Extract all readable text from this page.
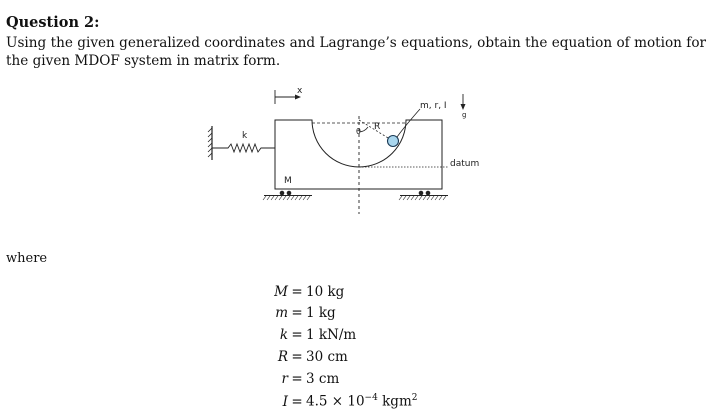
Question 2:
Using the given generalized coordinates and Lagrange’s equations, obtain the equation of motion for the given MDOF system in matrix form.
k
M
x
datum
θ R
m, r, I
g
where
M = 10 kg
m = 1 kg
k = 1 kN/m
R = 30 cm
r = 3 cm
$I = 4.5 \times 10^{-4}$ kgm$^2$
